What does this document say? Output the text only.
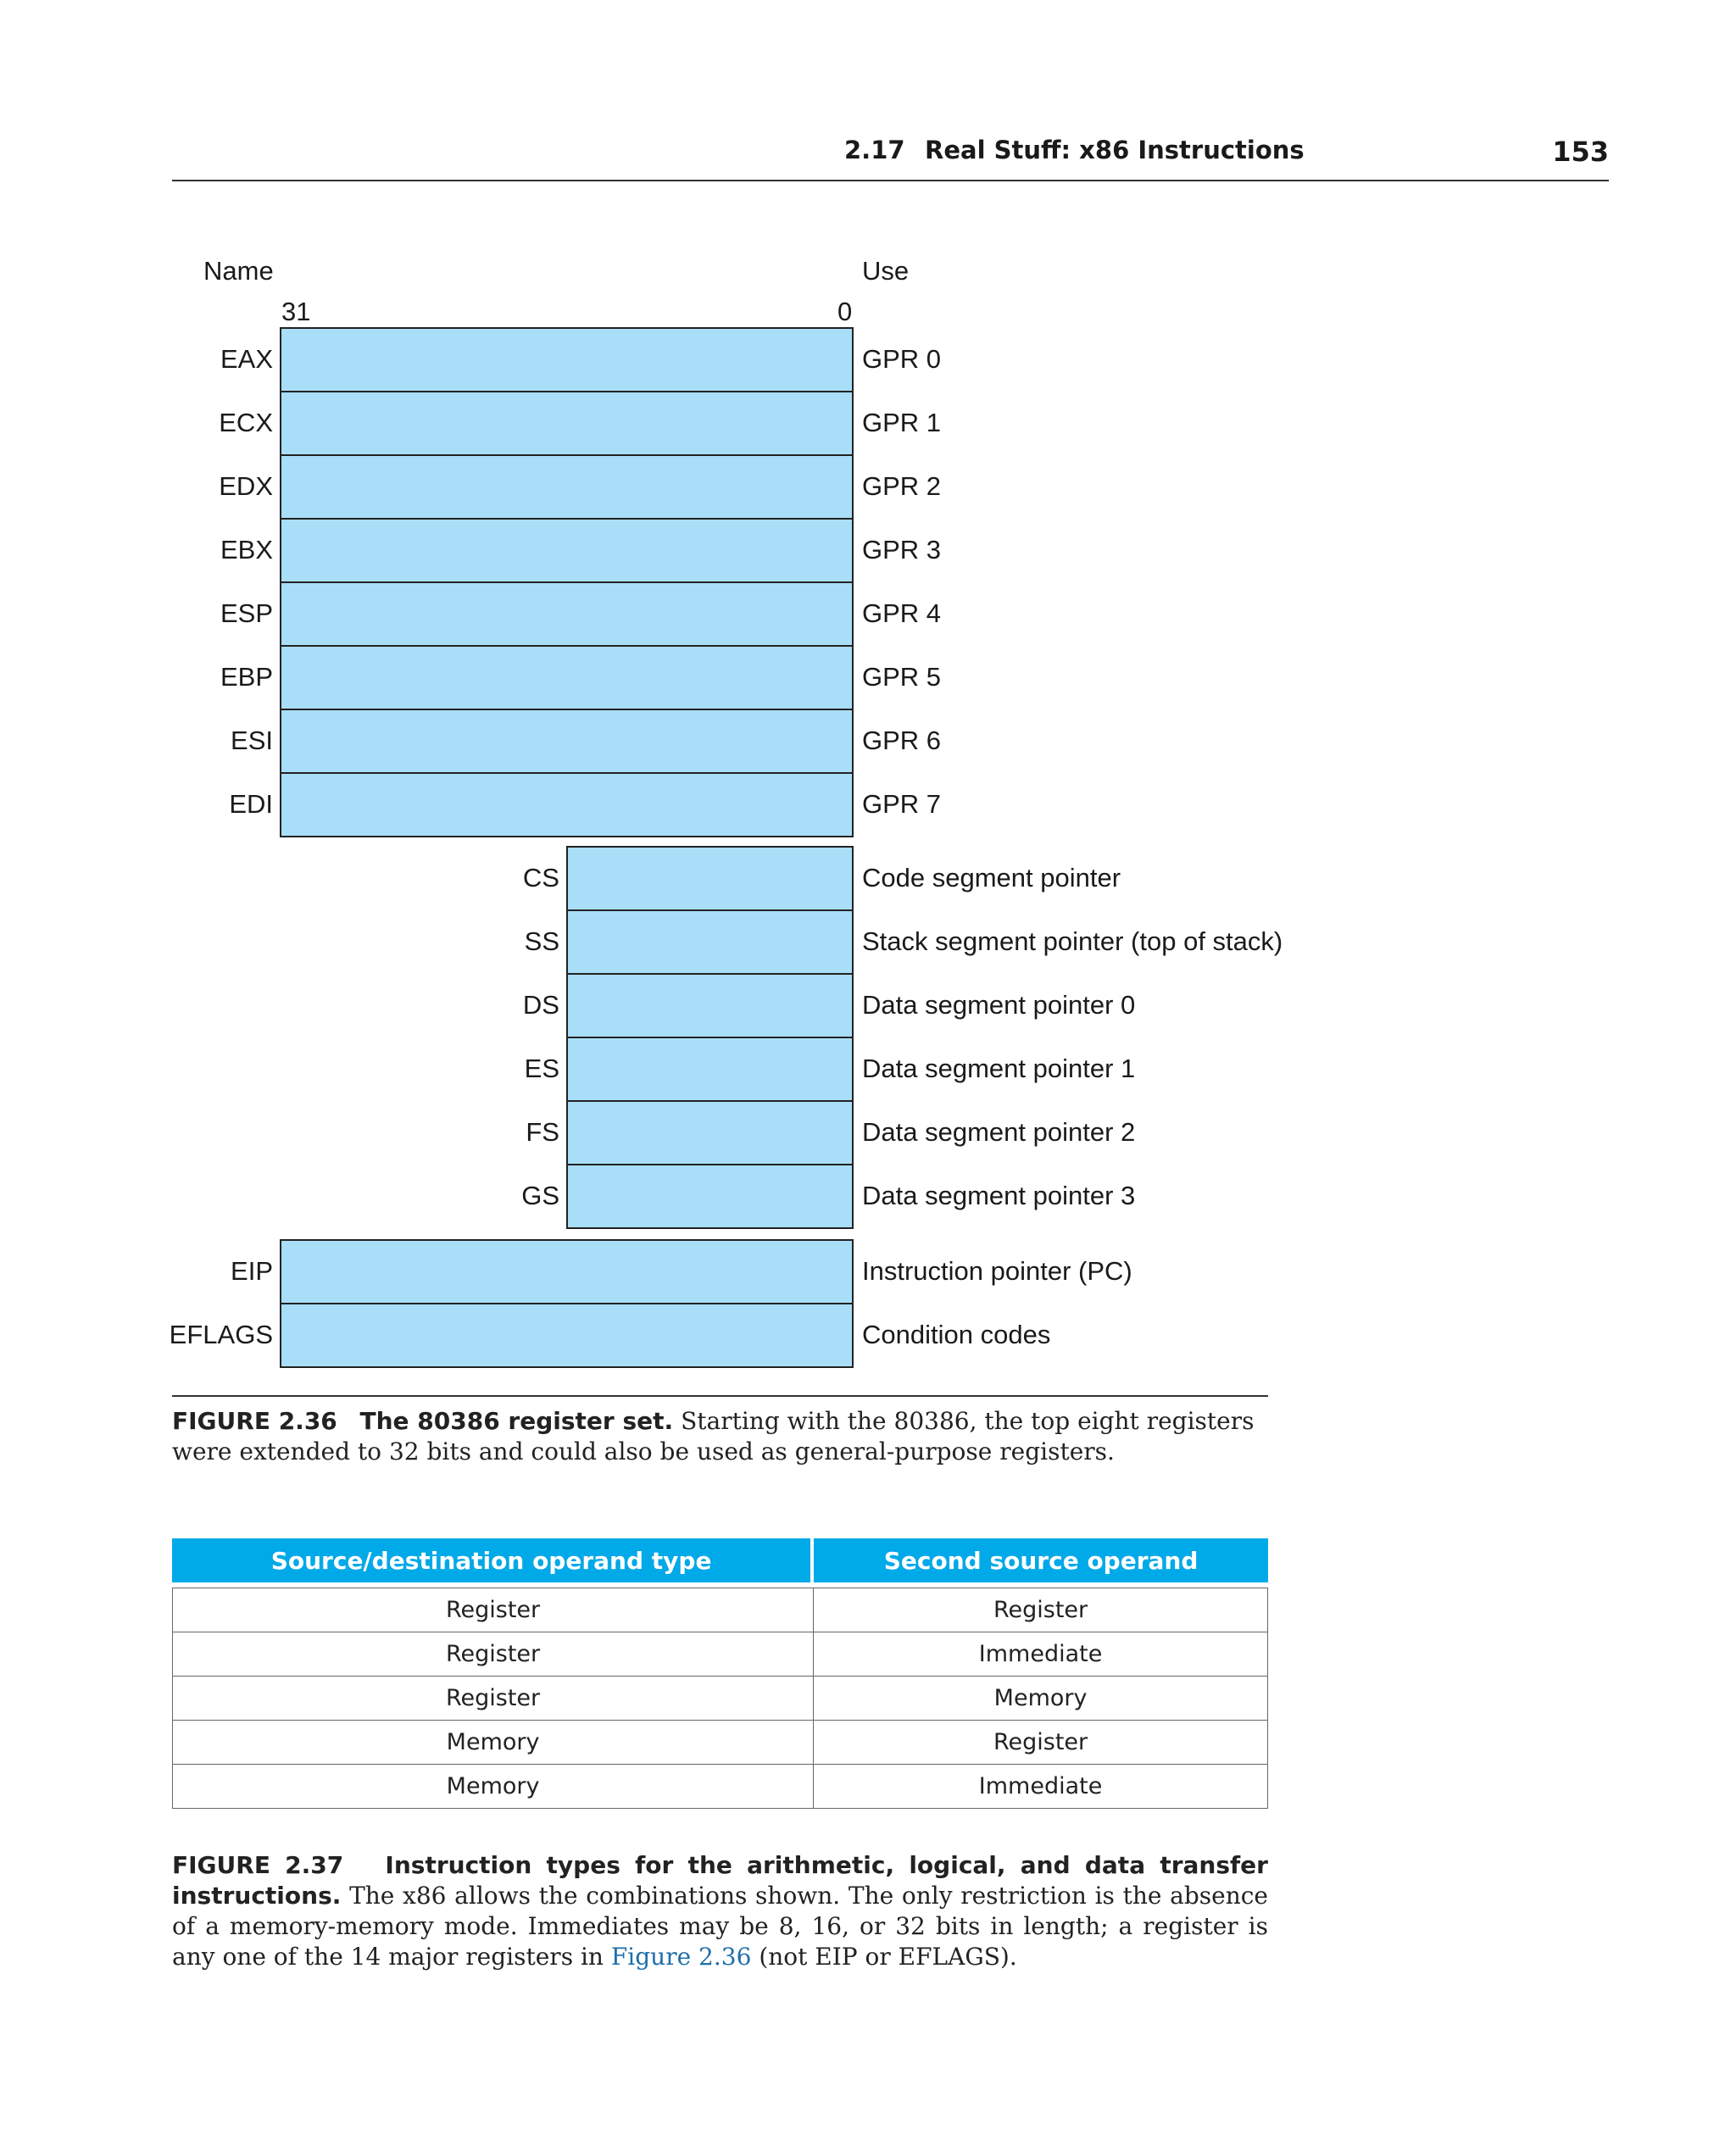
2.17 Real Stuff: x86 Instructions	153
Name	Use
31	0
EAX	GPR 0
ECX	GPR 1
EDX	GPR 2
EBX	GPR 3
ESP	GPR 4
EBP	GPR 5
ESI	GPR 6
EDI	GPR 7
CS	Code segment pointer
SS	Stack segment pointer (top of stack)
DS	Data segment pointer 0
ES	Data segment pointer 1
FS	Data segment pointer 2
GS	Data segment pointer 3
EIP	Instruction pointer (PC)
EFLAGS	Condition codes
FIGURE 2.36 The 80386 register set. Starting with the 80386, the top eight registers were extended to 32 bits and could also be used as general-purpose registers.
Source/destination operand type	Second source operand

Register	Register
Register	Immediate
Register	Memory
Memory	Register
Memory	Immediate
FIGURE 2.37 Instruction types for the arithmetic, logical, and data transfer instructions. The x86 allows the combinations shown. The only restriction is the absence of a memory-memory mode. Immediates may be 8, 16, or 32 bits in length; a register is any one of the 14 major registers in Figure 2.36 (not EIP or EFLAGS).
